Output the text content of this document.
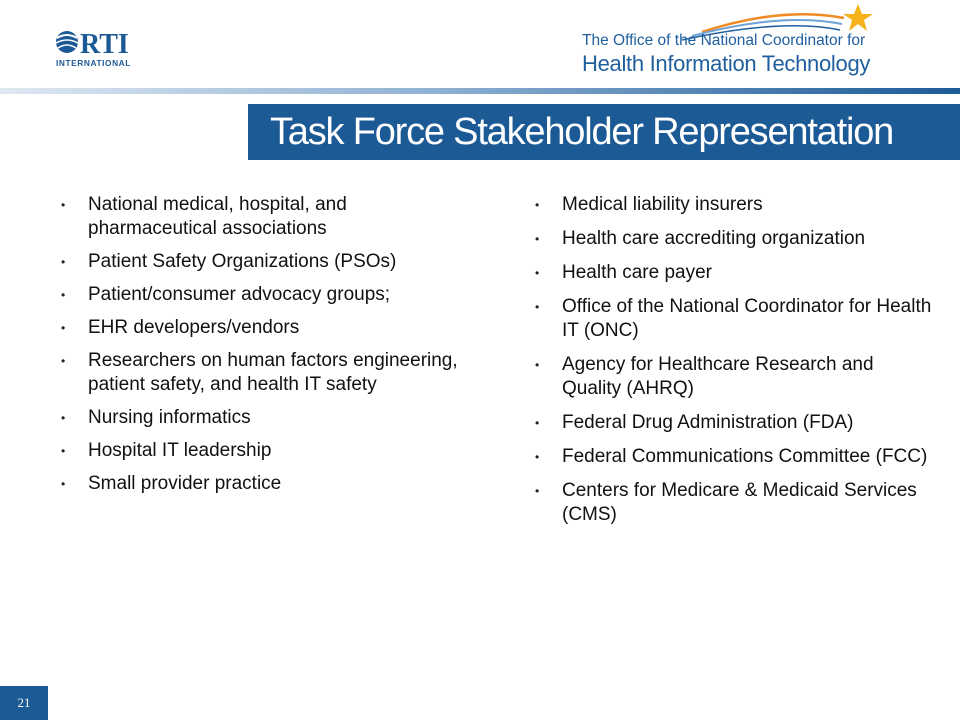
RTI
INTERNATIONAL
The Office of the National Coordinator for
Health Information Technology
Task Force Stakeholder Representation
• National medical, hospital, and pharmaceutical associations
• Patient Safety Organizations (PSOs)
• Patient/consumer advocacy groups;
• EHR developers/vendors
• Researchers on human factors engineering, patient safety, and health IT safety
• Nursing informatics
• Hospital IT leadership
• Small provider practice
• Medical liability insurers
• Health care accrediting organization
• Health care payer
• Office of the National Coordinator for Health IT (ONC)
• Agency for Healthcare Research and Quality (AHRQ)
• Federal Drug Administration (FDA)
• Federal Communications Committee (FCC)
• Centers for Medicare & Medicaid Services (CMS)
21
